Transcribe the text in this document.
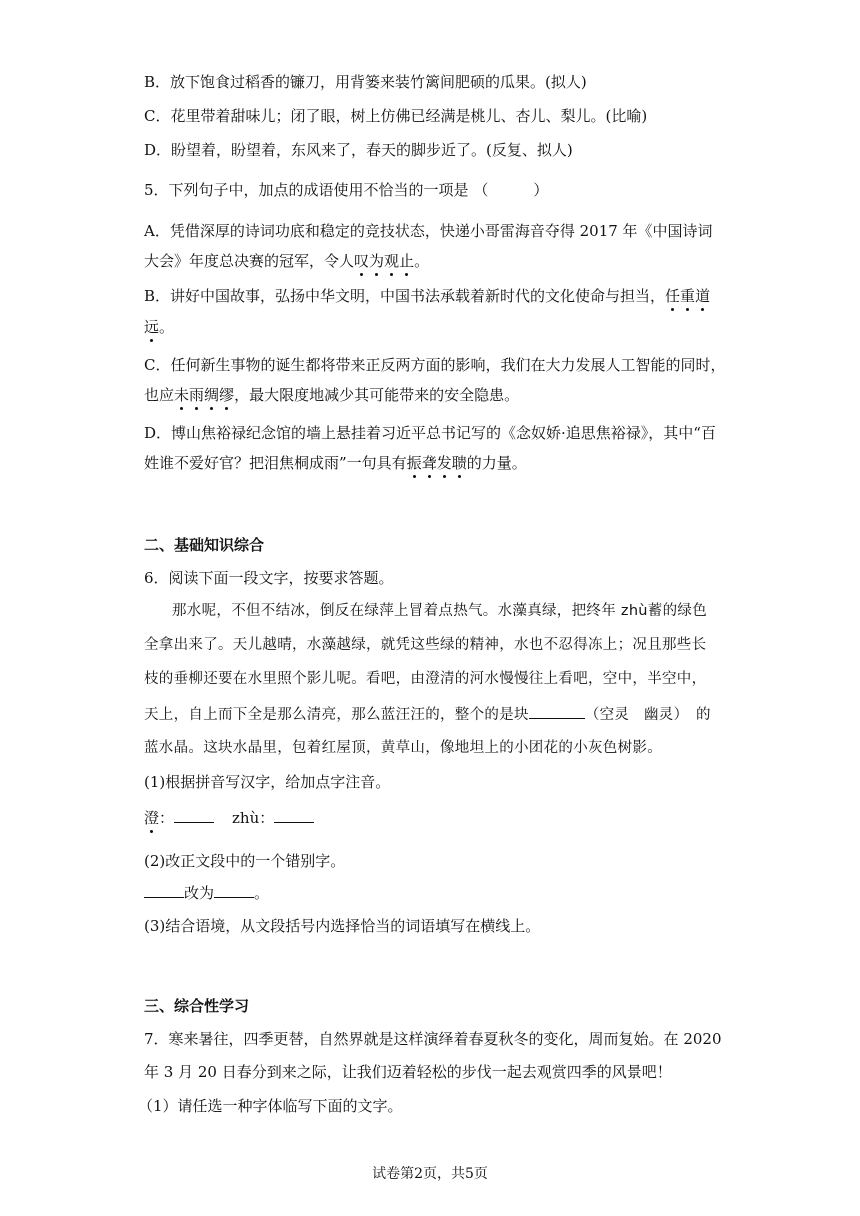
B．放下饱食过稻香的镰刀，用背篓来装竹篱间肥硕的瓜果。(拟人)
C．花里带着甜味儿；闭了眼，树上仿佛已经满是桃儿、杏儿、梨儿。(比喻)
D．盼望着，盼望着，东风来了，春天的脚步近了。(反复、拟人)
5．下列句子中，加点的成语使用不恰当的一项是 （　　　）
A．凭借深厚的诗词功底和稳定的竞技状态，快递小哥雷海音夺得 2017 年《中国诗词
大会》年度总决赛的冠军，令人叹为观止。
B．讲好中国故事，弘扬中华文明，中国书法承载着新时代的文化使命与担当，任重道
远。
C．任何新生事物的诞生都将带来正反两方面的影响，我们在大力发展人工智能的同时，
也应未雨绸缪，最大限度地减少其可能带来的安全隐患。
D．博山焦裕禄纪念馆的墙上悬挂着习近平总书记写的《念奴娇·追思焦裕禄》，其中“百
姓谁不爱好官？把泪焦桐成雨”一句具有振聋发聩的力量。
二、基础知识综合
6．阅读下面一段文字，按要求答题。
那水呢，不但不结冰，倒反在绿萍上冒着点热气。水藻真绿，把终年 zhù蓄的绿色
全拿出来了。天儿越晴，水藻越绿，就凭这些绿的精神，水也不忍得冻上；况且那些长
枝的垂柳还要在水里照个影儿呢。看吧，由澄清的河水慢慢往上看吧，空中，半空中，
天上，自上而下全是那么清亮，那么蓝汪汪的，整个的是块	（空灵　幽灵）　的
蓝水晶。这块水晶里，包着红屋顶，黄草山，像地坦上的小团花的小灰色树影。
(1)根据拼音写汉字，给加点字注音。
澄：	zhù：
(2)改正文段中的一个错别字。
改为	。
(3)结合语境，从文段括号内选择恰当的词语填写在横线上。
三、综合性学习
7．寒来暑往，四季更替，自然界就是这样演绎着春夏秋冬的变化，周而复始。在 2020
年 3 月 20 日春分到来之际，让我们迈着轻松的步伐一起去观赏四季的风景吧！
（1）请任选一种字体临写下面的文字。
试卷第2页，共5页
